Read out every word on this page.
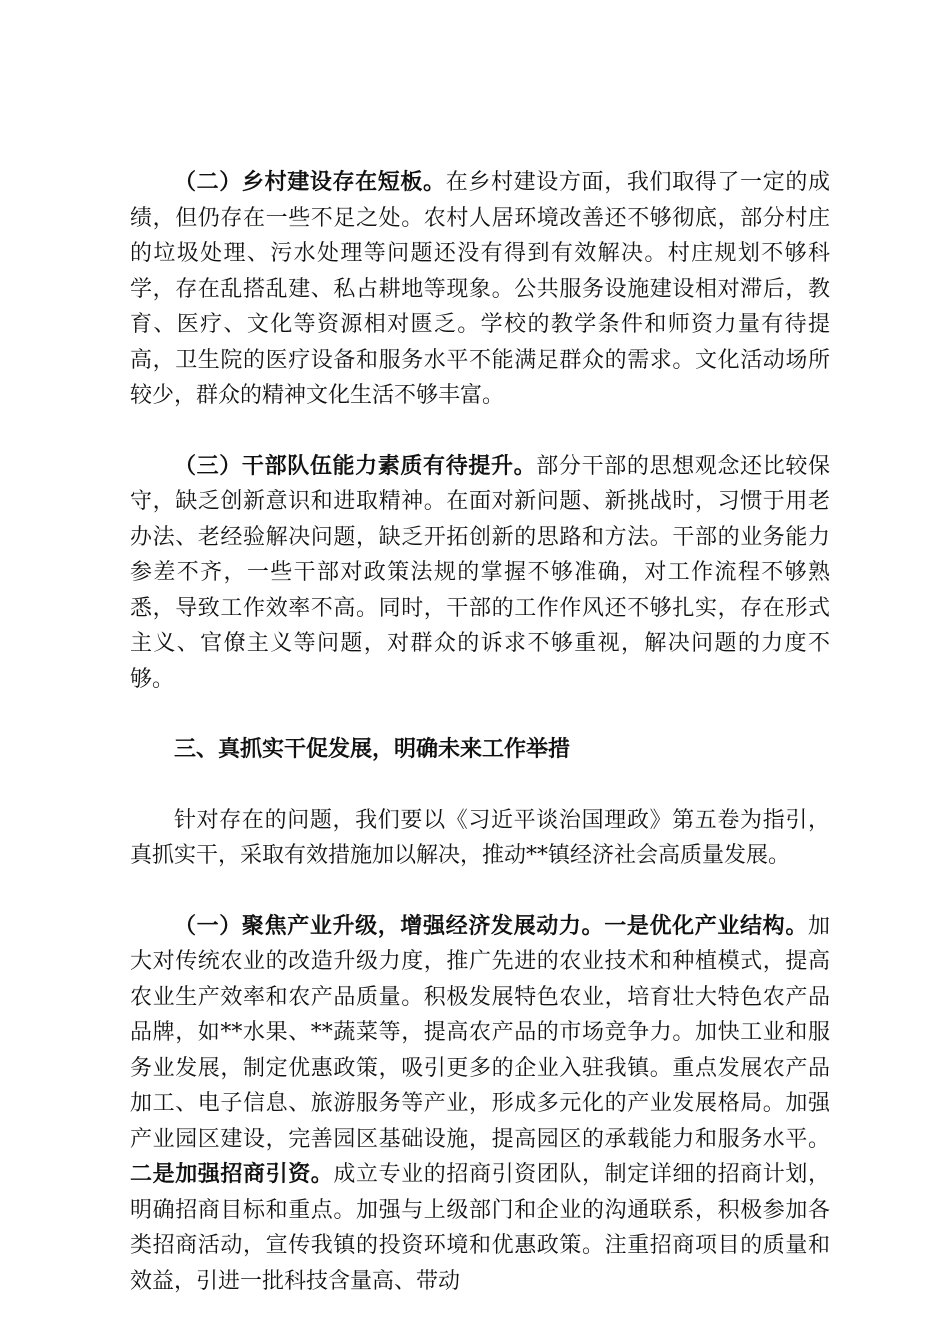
（二）乡村建设存在短板。在乡村建设方面，我们取得了一定的成绩，但仍存在一些不足之处。农村人居环境改善还不够彻底，部分村庄的垃圾处理、污水处理等问题还没有得到有效解决。村庄规划不够科学，存在乱搭乱建、私占耕地等现象。公共服务设施建设相对滞后，教育、医疗、文化等资源相对匮乏。学校的教学条件和师资力量有待提高，卫生院的医疗设备和服务水平不能满足群众的需求。文化活动场所较少，群众的精神文化生活不够丰富。

（三）干部队伍能力素质有待提升。部分干部的思想观念还比较保守，缺乏创新意识和进取精神。在面对新问题、新挑战时，习惯于用老办法、老经验解决问题，缺乏开拓创新的思路和方法。干部的业务能力参差不齐，一些干部对政策法规的掌握不够准确，对工作流程不够熟悉，导致工作效率不高。同时，干部的工作作风还不够扎实，存在形式主义、官僚主义等问题，对群众的诉求不够重视，解决问题的力度不够。

三、真抓实干促发展，明确未来工作举措

针对存在的问题，我们要以《习近平谈治国理政》第五卷为指引，真抓实干，采取有效措施加以解决，推动**镇经济社会高质量发展。

（一）聚焦产业升级，增强经济发展动力。一是优化产业结构。加大对传统农业的改造升级力度，推广先进的农业技术和种植模式，提高农业生产效率和农产品质量。积极发展特色农业，培育壮大特色农产品品牌，如**水果、**蔬菜等，提高农产品的市场竞争力。加快工业和服务业发展，制定优惠政策，吸引更多的企业入驻我镇。重点发展农产品加工、电子信息、旅游服务等产业，形成多元化的产业发展格局。加强产业园区建设，完善园区基础设施，提高园区的承载能力和服务水平。二是加强招商引资。成立专业的招商引资团队，制定详细的招商计划，明确招商目标和重点。加强与上级部门和企业的沟通联系，积极参加各类招商活动，宣传我镇的投资环境和优惠政策。注重招商项目的质量和效益，引进一批科技含量高、带动
